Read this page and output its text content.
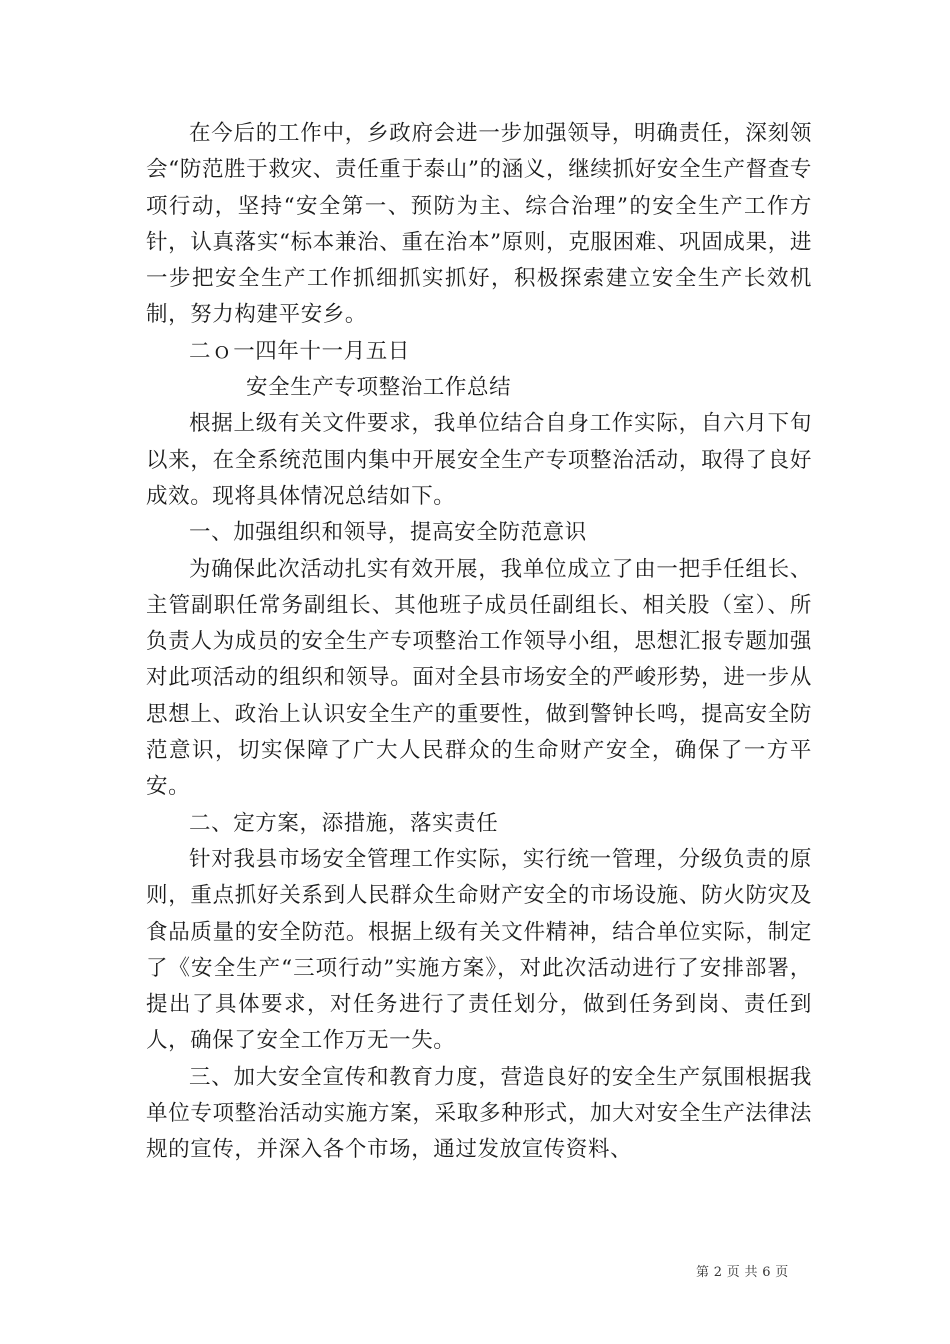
在今后的工作中，乡政府会进一步加强领导，明确责任，深刻领会“防范胜于救灾、责任重于泰山”的涵义，继续抓好安全生产督查专项行动，坚持“安全第一、预防为主、综合治理”的安全生产工作方针，认真落实“标本兼治、重在治本”原则，克服困难、巩固成果，进一步把安全生产工作抓细抓实抓好，积极探索建立安全生产长效机制，努力构建平安乡。

二ｏ一四年十一月五日

安全生产专项整治工作总结

根据上级有关文件要求，我单位结合自身工作实际，自六月下旬以来，在全系统范围内集中开展安全生产专项整治活动，取得了良好成效。现将具体情况总结如下。

一、加强组织和领导，提高安全防范意识

为确保此次活动扎实有效开展，我单位成立了由一把手任组长、主管副职任常务副组长、其他班子成员任副组长、相关股（室）、所负责人为成员的安全生产专项整治工作领导小组，思想汇报专题加强对此项活动的组织和领导。面对全县市场安全的严峻形势，进一步从思想上、政治上认识安全生产的重要性，做到警钟长鸣，提高安全防范意识，切实保障了广大人民群众的生命财产安全，确保了一方平安。

二、定方案，添措施，落实责任

针对我县市场安全管理工作实际，实行统一管理，分级负责的原则，重点抓好关系到人民群众生命财产安全的市场设施、防火防灾及食品质量的安全防范。根据上级有关文件精神，结合单位实际，制定了《安全生产“三项行动”实施方案》，对此次活动进行了安排部署，提出了具体要求，对任务进行了责任划分，做到任务到岗、责任到人，确保了安全工作万无一失。

三、加大安全宣传和教育力度，营造良好的安全生产氛围根据我单位专项整治活动实施方案，采取多种形式，加大对安全生产法律法规的宣传，并深入各个市场，通过发放宣传资料、

第 2 页 共 6 页
